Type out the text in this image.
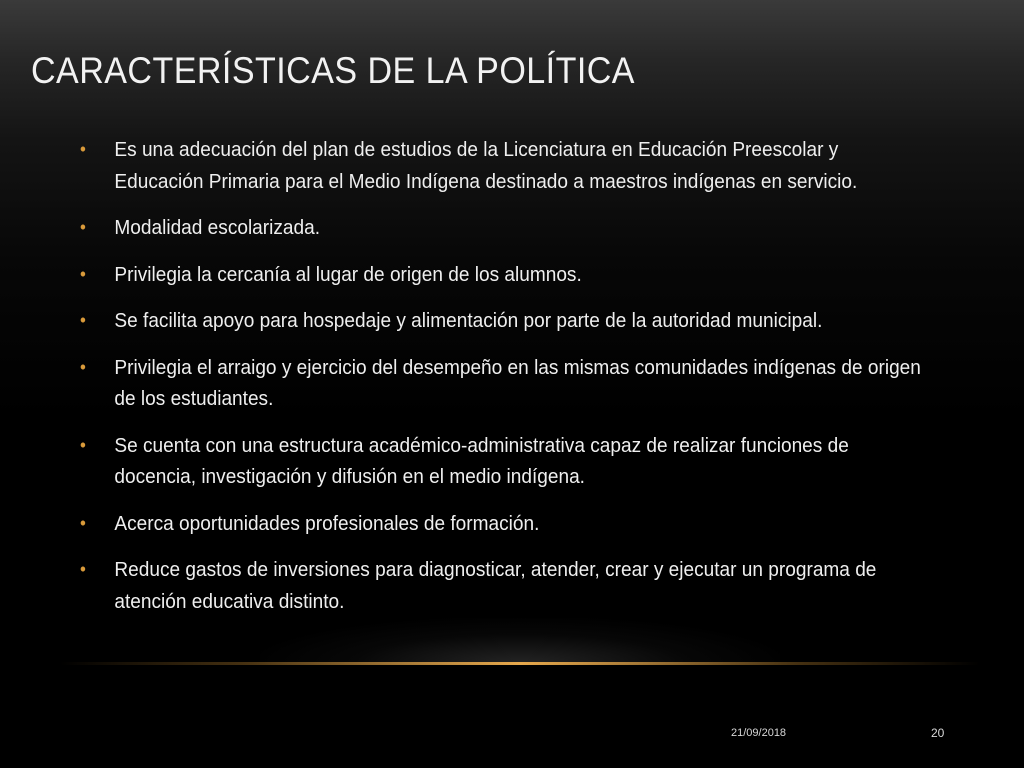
CARACTERÍSTICAS DE LA POLÍTICA
• Es una adecuación del plan de estudios de la Licenciatura en Educación Preescolar y Educación Primaria para el Medio Indígena destinado a maestros indígenas en servicio.
• Modalidad escolarizada.
• Privilegia la cercanía al lugar de origen de los alumnos.
• Se facilita apoyo para hospedaje y alimentación por parte de la autoridad municipal.
• Privilegia el arraigo y ejercicio del desempeño en las mismas comunidades indígenas de origen de los estudiantes.
• Se cuenta con una estructura académico-administrativa capaz de realizar funciones de docencia, investigación y difusión en el medio indígena.
• Acerca oportunidades profesionales de formación.
• Reduce gastos de inversiones para diagnosticar, atender, crear y ejecutar un programa de atención educativa distinto.
21/09/2018	20
